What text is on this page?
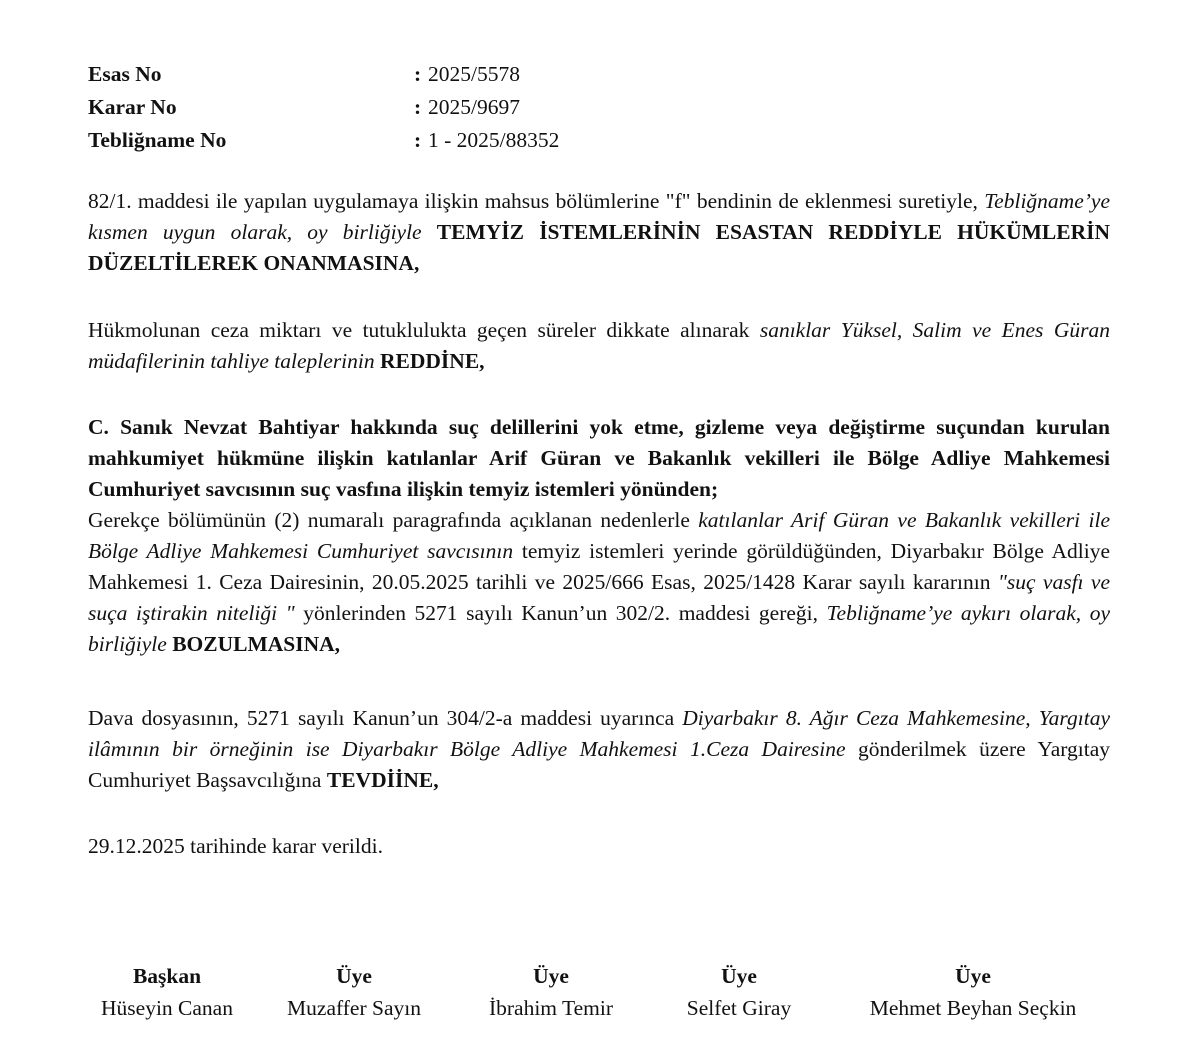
Esas No	: 2025/5578
Karar No	: 2025/9697
Tebliğname No	: 1 - 2025/88352
82/1. maddesi ile yapılan uygulamaya ilişkin mahsus bölümlerine "f" bendinin de eklenmesi suretiyle, Tebliğname’ye kısmen uygun olarak, oy birliğiyle TEMYİZ İSTEMLERİNİN ESASTAN REDDİYLE HÜKÜMLERİN DÜZELTİLEREK ONANMASINA,
Hükmolunan ceza miktarı ve tutuklulukta geçen süreler dikkate alınarak sanıklar Yüksel, Salim ve Enes Güran müdafilerinin tahliye taleplerinin REDDİNE,
C. Sanık Nevzat Bahtiyar hakkında suç delillerini yok etme, gizleme veya değiştirme suçundan kurulan mahkumiyet hükmüne ilişkin katılanlar Arif Güran ve Bakanlık vekilleri ile Bölge Adliye Mahkemesi Cumhuriyet savcısının suç vasfına ilişkin temyiz istemleri yönünden;
Gerekçe bölümünün (2) numaralı paragrafında açıklanan nedenlerle katılanlar Arif Güran ve Bakanlık vekilleri ile Bölge Adliye Mahkemesi Cumhuriyet savcısının temyiz istemleri yerinde görüldüğünden, Diyarbakır Bölge Adliye Mahkemesi 1. Ceza Dairesinin, 20.05.2025 tarihli ve 2025/666 Esas, 2025/1428 Karar sayılı kararının "suç vasfı ve suça iştirakin niteliği " yönlerinden 5271 sayılı Kanun’un 302/2. maddesi gereği, Tebliğname’ye aykırı olarak, oy birliğiyle BOZULMASINA,
Dava dosyasının, 5271 sayılı Kanun’un 304/2-a maddesi uyarınca Diyarbakır 8. Ağır Ceza Mahkemesine, Yargıtay ilâmının bir örneğinin ise Diyarbakır Bölge Adliye Mahkemesi 1.Ceza Dairesine gönderilmek üzere Yargıtay Cumhuriyet Başsavcılığına TEVDİİNE,
29.12.2025 tarihinde karar verildi.
Başkan
Hüseyin Canan
Üye
Muzaffer Sayın
Üye
İbrahim Temir
Üye
Selfet Giray
Üye
Mehmet Beyhan Seçkin
